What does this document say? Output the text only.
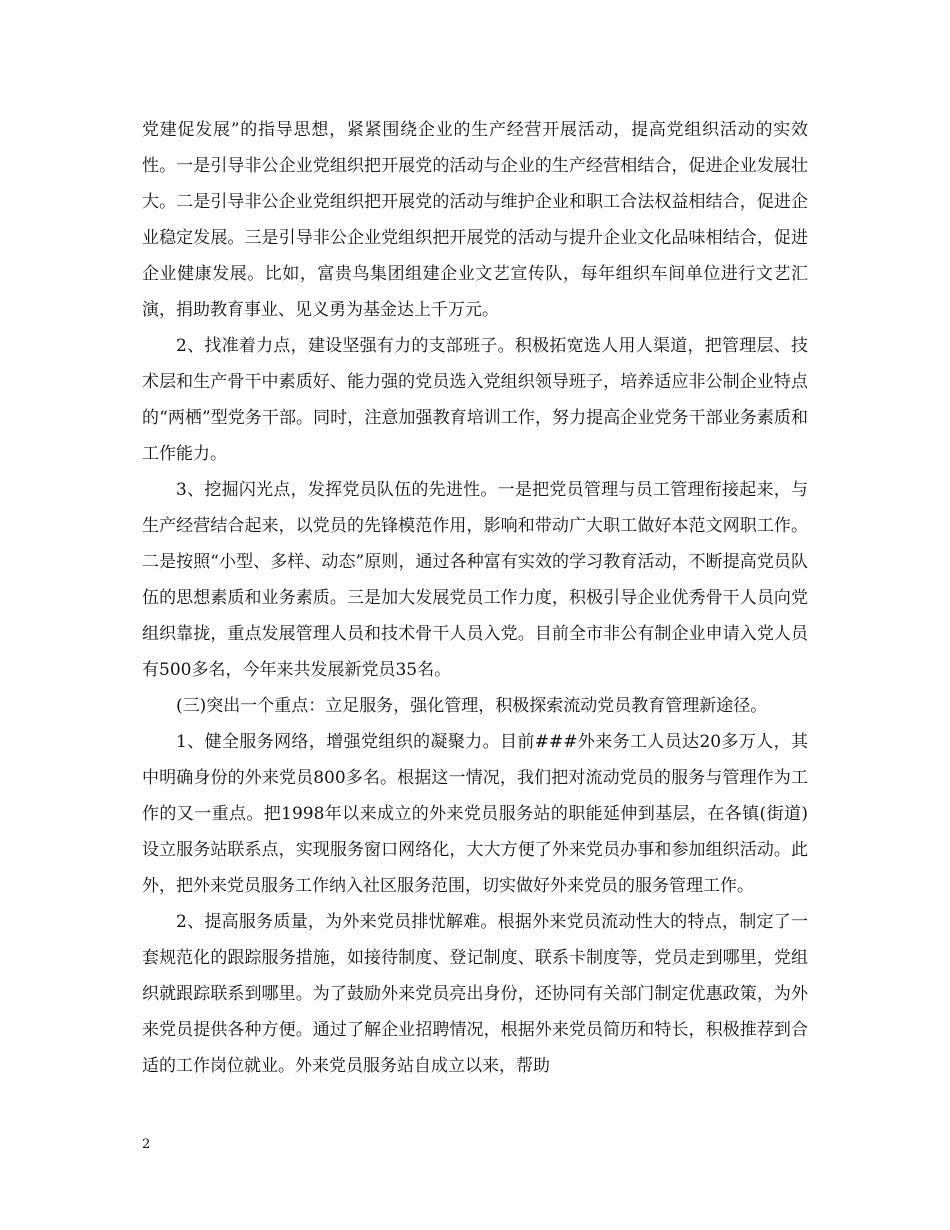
党建促发展”的指导思想，紧紧围绕企业的生产经营开展活动，提高党组织活动的实效性。一是引导非公企业党组织把开展党的活动与企业的生产经营相结合，促进企业发展壮大。二是引导非公企业党组织把开展党的活动与维护企业和职工合法权益相结合，促进企业稳定发展。三是引导非公企业党组织把开展党的活动与提升企业文化品味相结合，促进企业健康发展。比如，富贵鸟集团组建企业文艺宣传队，每年组织车间单位进行文艺汇演，捐助教育事业、见义勇为基金达上千万元。

2、找准着力点，建设坚强有力的支部班子。积极拓宽选人用人渠道，把管理层、技术层和生产骨干中素质好、能力强的党员选入党组织领导班子，培养适应非公制企业特点的“两栖”型党务干部。同时，注意加强教育培训工作，努力提高企业党务干部业务素质和工作能力。

3、挖掘闪光点，发挥党员队伍的先进性。一是把党员管理与员工管理衔接起来，与生产经营结合起来，以党员的先锋模范作用，影响和带动广大职工做好本范文网职工作。二是按照“小型、多样、动态”原则，通过各种富有实效的学习教育活动，不断提高党员队伍的思想素质和业务素质。三是加大发展党员工作力度，积极引导企业优秀骨干人员向党组织靠拢，重点发展管理人员和技术骨干人员入党。目前全市非公有制企业申请入党人员有500多名，今年来共发展新党员35名。

(三)突出一个重点：立足服务，强化管理，积极探索流动党员教育管理新途径。

1、健全服务网络，增强党组织的凝聚力。目前###外来务工人员达20多万人，其中明确身份的外来党员800多名。根据这一情况，我们把对流动党员的服务与管理作为工作的又一重点。把1998年以来成立的外来党员服务站的职能延伸到基层，在各镇(街道)设立服务站联系点，实现服务窗口网络化，大大方便了外来党员办事和参加组织活动。此外，把外来党员服务工作纳入社区服务范围，切实做好外来党员的服务管理工作。

2、提高服务质量，为外来党员排忧解难。根据外来党员流动性大的特点，制定了一套规范化的跟踪服务措施，如接待制度、登记制度、联系卡制度等，党员走到哪里，党组织就跟踪联系到哪里。为了鼓励外来党员亮出身份，还协同有关部门制定优惠政策，为外来党员提供各种方便。通过了解企业招聘情况，根据外来党员简历和特长，积极推荐到合适的工作岗位就业。外来党员服务站自成立以来，帮助

2
